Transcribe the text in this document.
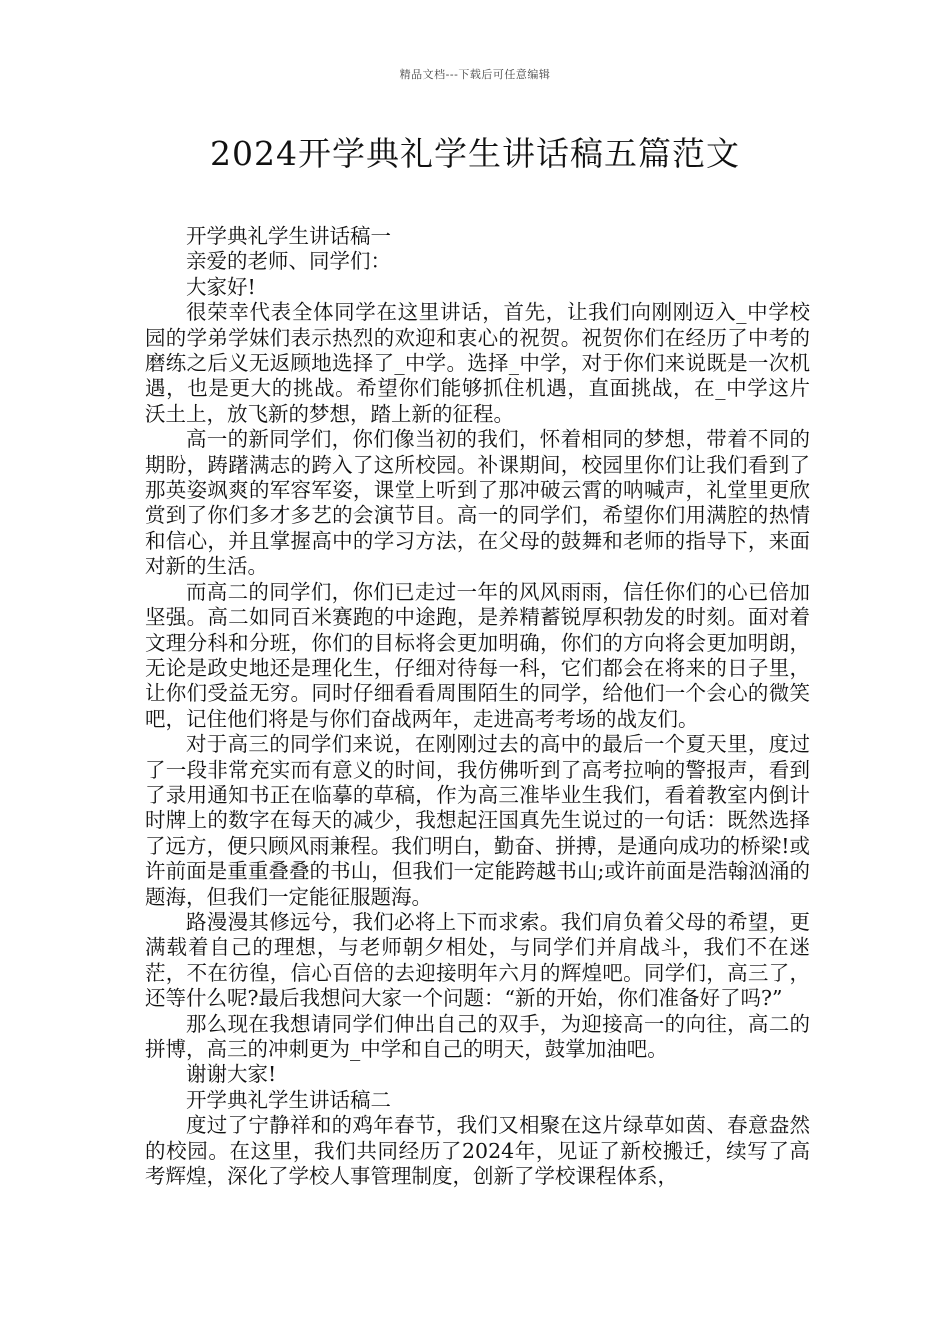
精品文档---下载后可任意编辑
2024开学典礼学生讲话稿五篇范文

开学典礼学生讲话稿一

亲爱的老师、同学们：

大家好!

很荣幸代表全体同学在这里讲话，首先，让我们向刚刚迈入_中学校园的学弟学妹们表示热烈的欢迎和衷心的祝贺。祝贺你们在经历了中考的磨练之后义无返顾地选择了_中学。选择_中学，对于你们来说既是一次机遇，也是更大的挑战。希望你们能够抓住机遇，直面挑战，在_中学这片沃土上，放飞新的梦想，踏上新的征程。

高一的新同学们，你们像当初的我们，怀着相同的梦想，带着不同的期盼，踌躇满志的跨入了这所校园。补课期间，校园里你们让我们看到了那英姿飒爽的军容军姿，课堂上听到了那冲破云霄的呐喊声，礼堂里更欣赏到了你们多才多艺的会演节目。高一的同学们，希望你们用满腔的热情和信心，并且掌握高中的学习方法，在父母的鼓舞和老师的指导下，来面对新的生活。

而高二的同学们，你们已走过一年的风风雨雨，信任你们的心已倍加坚强。高二如同百米赛跑的中途跑，是养精蓄锐厚积勃发的时刻。面对着文理分科和分班，你们的目标将会更加明确，你们的方向将会更加明朗，无论是政史地还是理化生，仔细对待每一科，它们都会在将来的日子里，让你们受益无穷。同时仔细看看周围陌生的同学，给他们一个会心的微笑吧，记住他们将是与你们奋战两年，走进高考考场的战友们。

对于高三的同学们来说，在刚刚过去的高中的最后一个夏天里，度过了一段非常充实而有意义的时间，我仿佛听到了高考拉响的警报声，看到了录用通知书正在临摹的草稿，作为高三准毕业生我们，看着教室内倒计时牌上的数字在每天的减少，我想起汪国真先生说过的一句话：既然选择了远方，便只顾风雨兼程。我们明白，勤奋、拼搏，是通向成功的桥梁!或许前面是重重叠叠的书山，但我们一定能跨越书山;或许前面是浩翰汹涌的题海，但我们一定能征服题海。

路漫漫其修远兮，我们必将上下而求索。我们肩负着父母的希望，更满载着自己的理想，与老师朝夕相处，与同学们并肩战斗，我们不在迷茫，不在彷徨，信心百倍的去迎接明年六月的辉煌吧。同学们，高三了，还等什么呢?最后我想问大家一个问题：“新的开始，你们准备好了吗?”

那么现在我想请同学们伸出自己的双手，为迎接高一的向往，高二的拼博，高三的冲刺更为_中学和自己的明天，鼓掌加油吧。

谢谢大家!

开学典礼学生讲话稿二

度过了宁静祥和的鸡年春节，我们又相聚在这片绿草如茵、春意盎然的校园。在这里，我们共同经历了2024年，见证了新校搬迁，续写了高考辉煌，深化了学校人事管理制度，创新了学校课程体系，
